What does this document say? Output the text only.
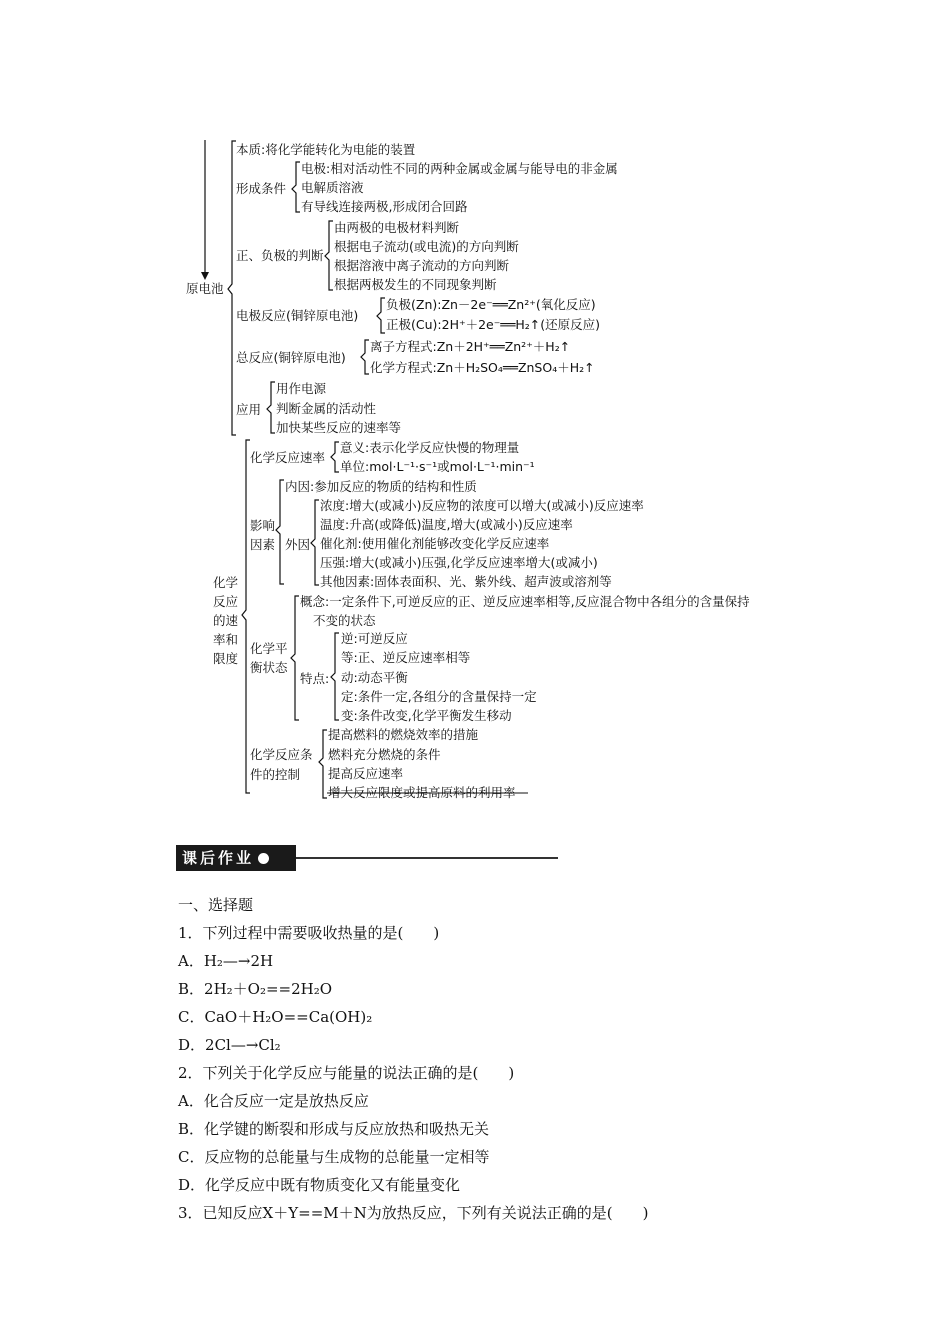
原电池
本质:将化学能转化为电能的装置
形成条件
电极:相对活动性不同的两种金属或金属与能导电的非金属
电解质溶液
有导线连接两极,形成闭合回路
正、负极的判断
由两极的电极材料判断
根据电子流动(或电流)的方向判断
根据溶液中离子流动的方向判断
根据两极发生的不同现象判断
电极反应(铜锌原电池)
负极(Zn):Zn－2e⁻══Zn²⁺(氧化反应)
正极(Cu):2H⁺＋2e⁻══H₂↑(还原反应)
总反应(铜锌原电池)
离子方程式:Zn＋2H⁺══Zn²⁺＋H₂↑
化学方程式:Zn＋H₂SO₄══ZnSO₄＋H₂↑
应用
用作电源
判断金属的活动性
加快某些反应的速率等
化学
反应
的速
率和
限度
化学反应速率
意义:表示化学反应快慢的物理量
单位:mol·L⁻¹·s⁻¹或mol·L⁻¹·min⁻¹
影响
因素
内因:参加反应的物质的结构和性质
外因
浓度:增大(或减小)反应物的浓度可以增大(或减小)反应速率
温度:升高(或降低)温度,增大(或减小)反应速率
催化剂:使用催化剂能够改变化学反应速率
压强:增大(或减小)压强,化学反应速率增大(或减小)
其他因素:固体表面积、光、紫外线、超声波或溶剂等
化学平
衡状态
概念:一定条件下,可逆反应的正、逆反应速率相等,反应混合物中各组分的含量保持
不变的状态
特点:
逆:可逆反应
等:正、逆反应速率相等
动:动态平衡
定:条件一定,各组分的含量保持一定
变:条件改变,化学平衡发生移动
化学反应条
件的控制
提高燃料的燃烧效率的措施
燃料充分燃烧的条件
提高反应速率
增大反应限度或提高原料的利用率
课后作业
一、选择题
1．下列过程中需要吸收热量的是(　　)
A．H₂—→2H
B．2H₂＋O₂==2H₂O
C．CaO＋H₂O==Ca(OH)₂
D．2Cl—→Cl₂
2．下列关于化学反应与能量的说法正确的是(　　)
A．化合反应一定是放热反应
B．化学键的断裂和形成与反应放热和吸热无关
C．反应物的总能量与生成物的总能量一定相等
D．化学反应中既有物质变化又有能量变化
3．已知反应X＋Y==M＋N为放热反应，下列有关说法正确的是(　　)
